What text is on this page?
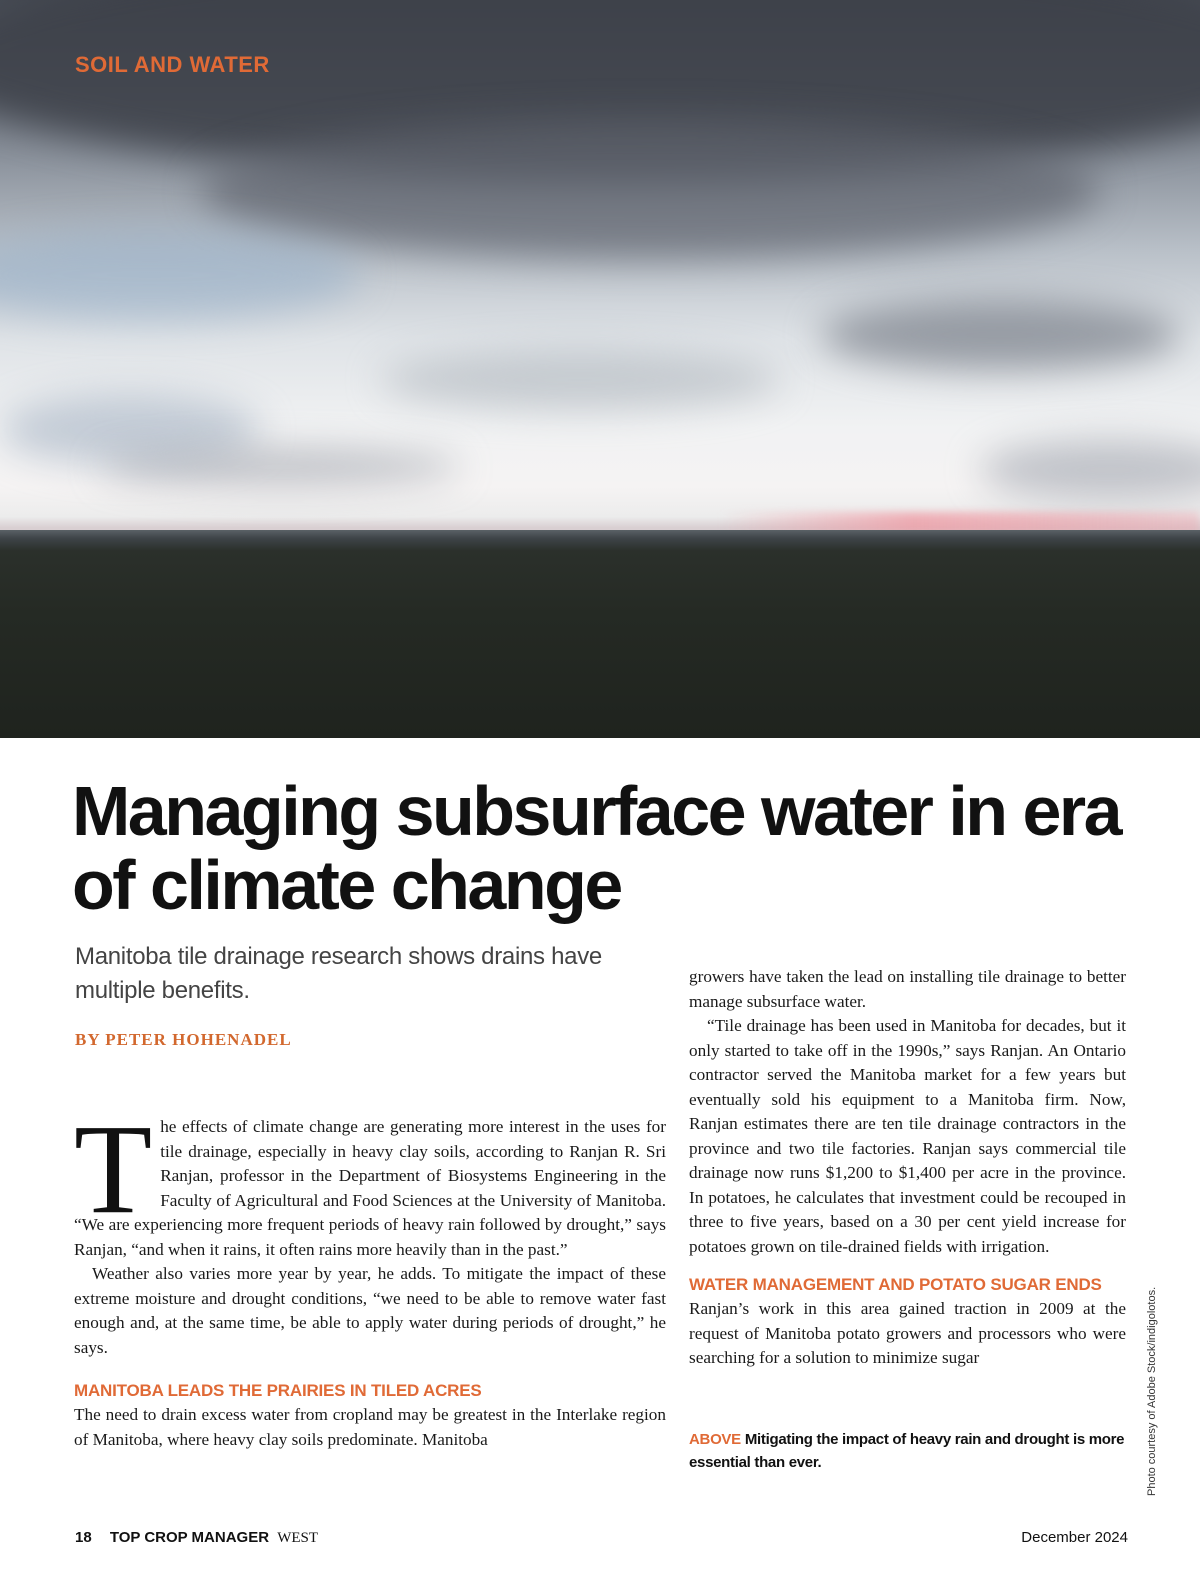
SOIL AND WATER

Managing subsurface water in era of climate change

Manitoba tile drainage research shows drains have multiple benefits.

BY PETER HOHENADEL

The effects of climate change are generating more interest in the uses for tile drainage, especially in heavy clay soils, according to Ranjan R. Sri Ranjan, professor in the Department of Biosystems Engineering in the Faculty of Agricultural and Food Sciences at the University of Manitoba. “We are experiencing more frequent periods of heavy rain followed by drought,” says Ranjan, “and when it rains, it often rains more heavily than in the past.”

Weather also varies more year by year, he adds. To mitigate the impact of these extreme moisture and drought conditions, “we need to be able to remove water fast enough and, at the same time, be able to apply water during periods of drought,” he says.

MANITOBA LEADS THE PRAIRIES IN TILED ACRES

The need to drain excess water from cropland may be greatest in the Interlake region of Manitoba, where heavy clay soils predominate. Manitoba

growers have taken the lead on installing tile drainage to better manage subsurface water.

“Tile drainage has been used in Manitoba for decades, but it only started to take off in the 1990s,” says Ranjan. An Ontario contractor served the Manitoba market for a few years but eventually sold his equipment to a Manitoba firm. Now, Ranjan estimates there are ten tile drainage contractors in the province and two tile factories. Ranjan says commercial tile drainage now runs $1,200 to $1,400 per acre in the province. In potatoes, he calculates that investment could be recouped in three to five years, based on a 30 per cent yield increase for potatoes grown on tile-drained fields with irrigation.

WATER MANAGEMENT AND POTATO SUGAR ENDS

Ranjan’s work in this area gained traction in 2009 at the request of Manitoba potato growers and processors who were searching for a solution to minimize sugar

ABOVE Mitigating the impact of heavy rain and drought is more essential than ever.	Photo courtesy of Adobe Stock/indigolotos.

18 TOP CROP MANAGER WEST	December 2024
